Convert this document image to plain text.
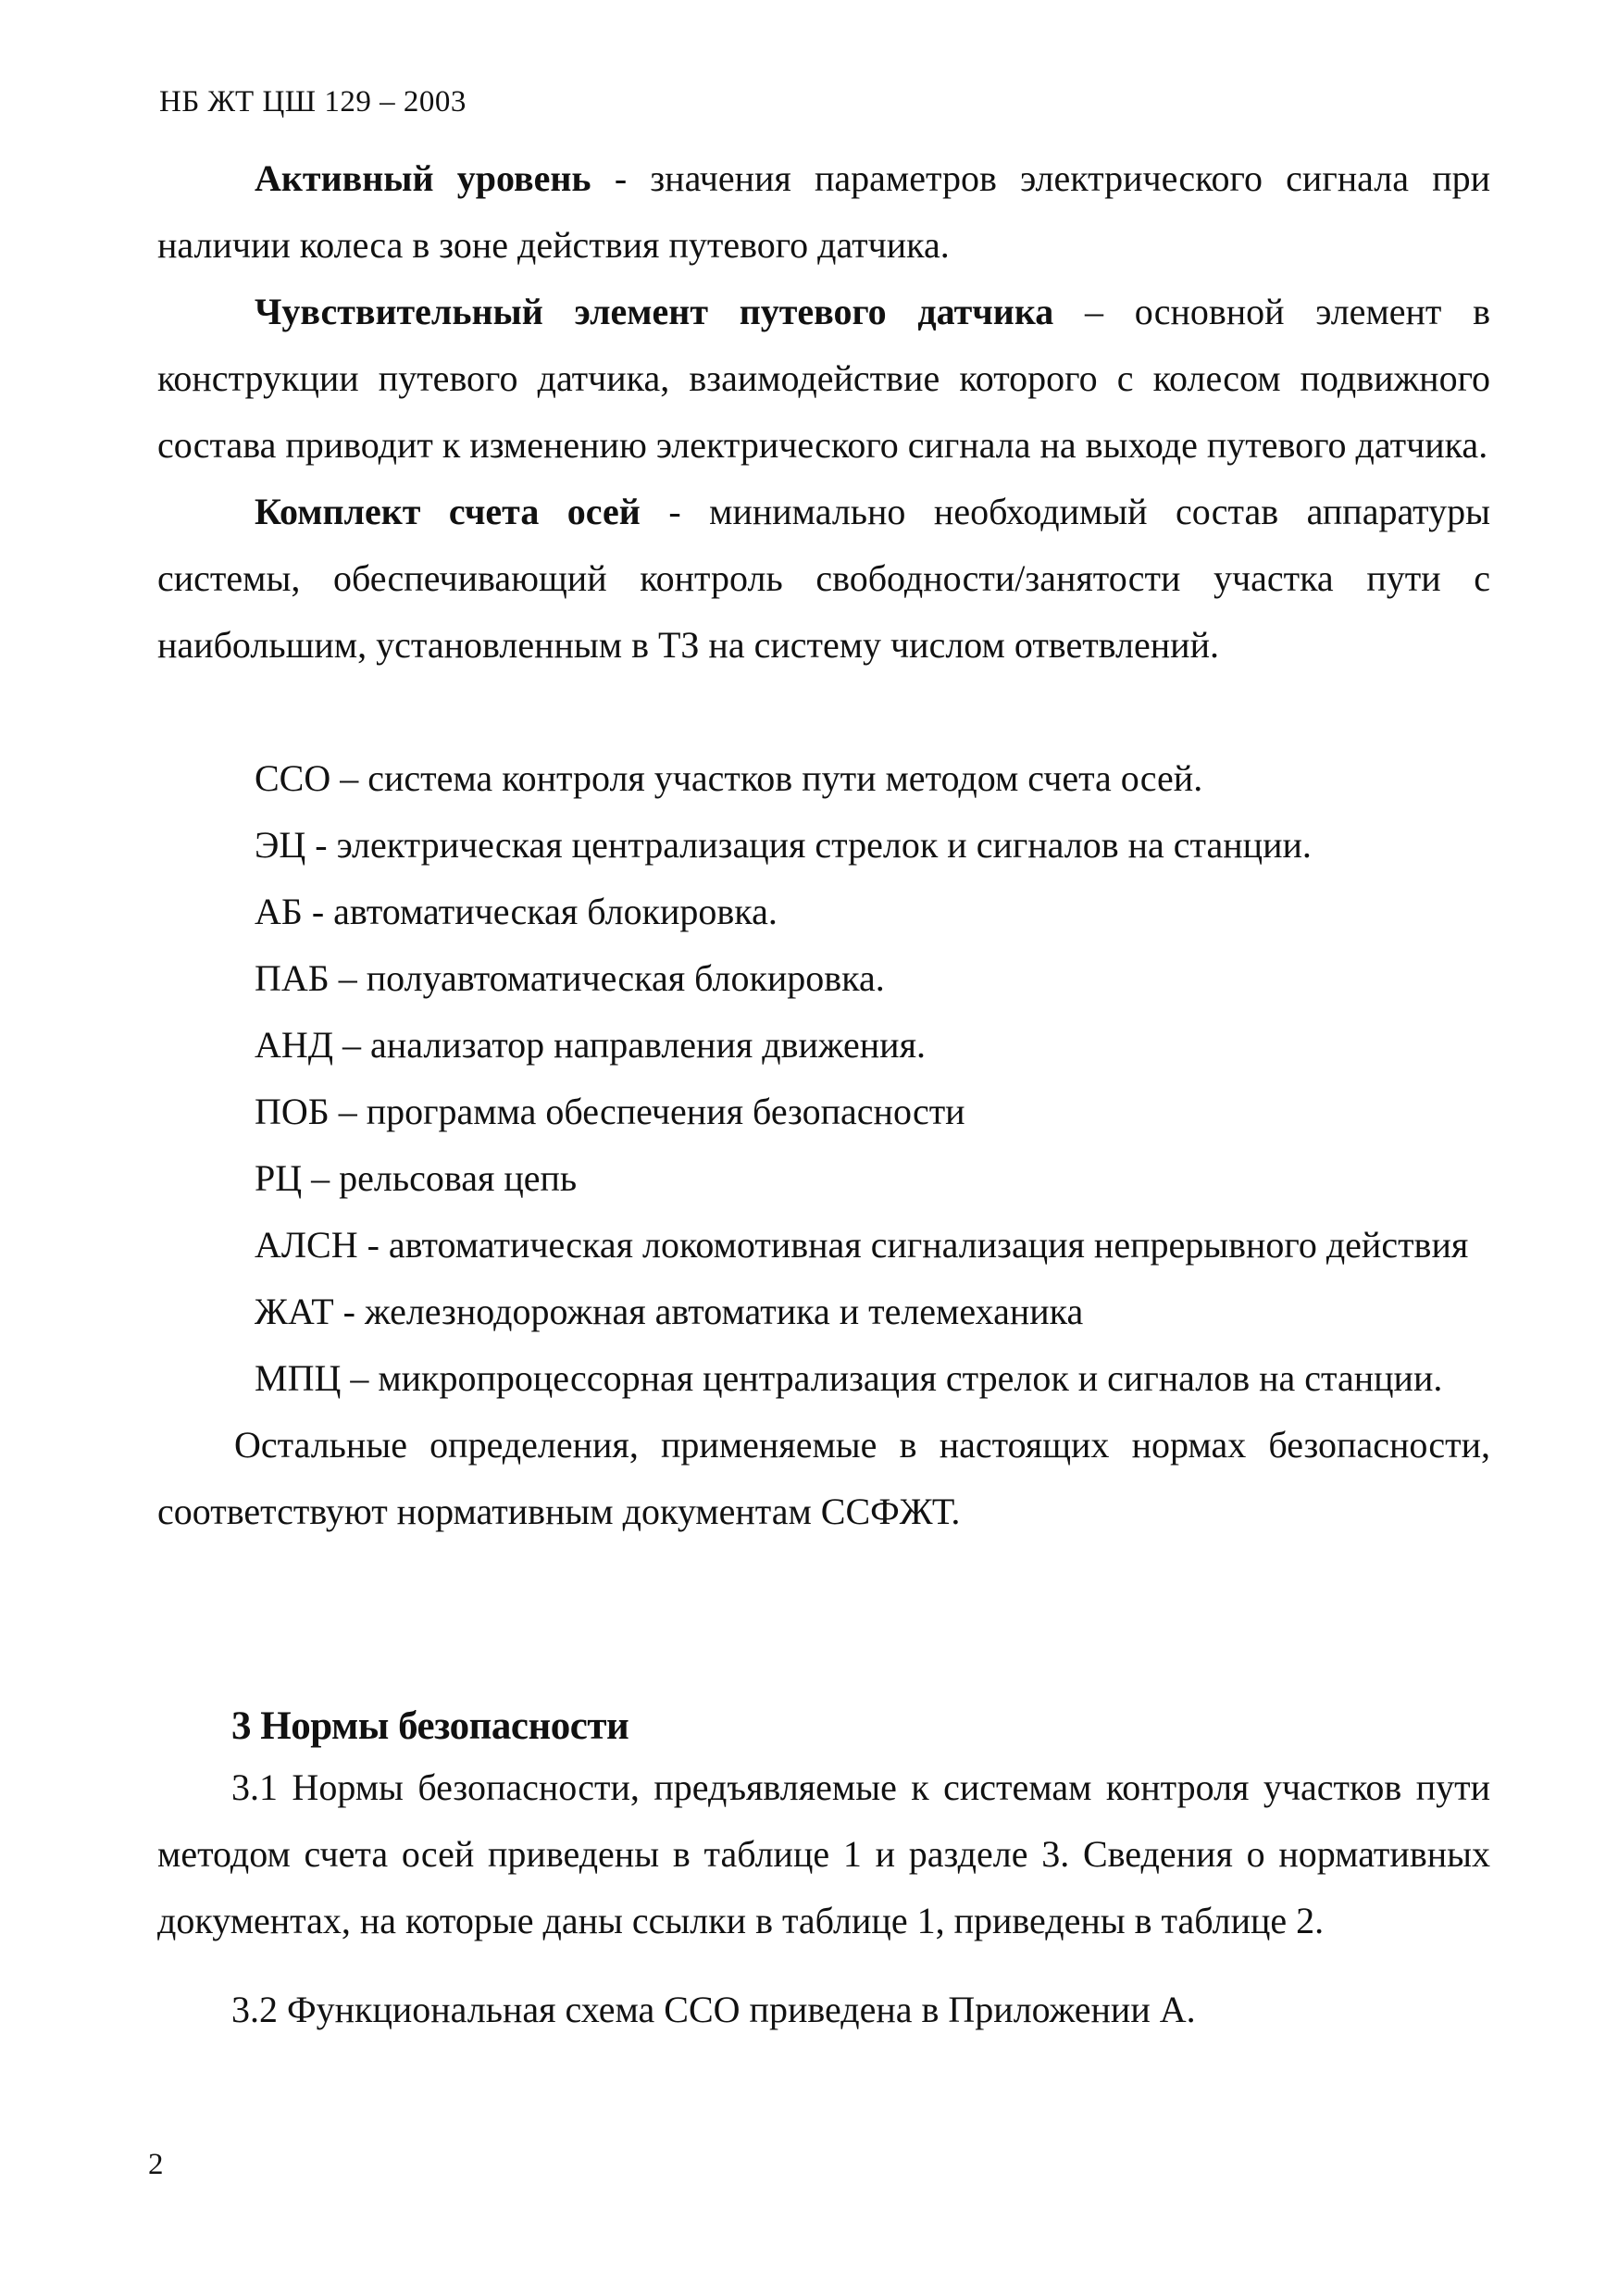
НБ ЖТ ЦШ 129 – 2003

Активный уровень - значения параметров электрического сигнала при наличии колеса в зоне действия путевого датчика.

Чувствительный элемент путевого датчика – основной элемент в конструкции путевого датчика, взаимодействие которого с колесом подвижного состава приводит к изменению электрического сигнала на выходе путевого датчика.

Комплект счета осей - минимально необходимый состав аппаратуры системы, обеспечивающий контроль свободности/занятости участка пути с наибольшим, установленным в ТЗ на систему числом ответвлений.

ССО – система контроля участков пути методом счета осей.

ЭЦ - электрическая централизация стрелок и сигналов на станции.

АБ - автоматическая блокировка.

ПАБ – полуавтоматическая блокировка.

АНД – анализатор направления движения.

ПОБ – программа обеспечения безопасности

РЦ – рельсовая цепь

АЛСН - автоматическая локомотивная сигнализация непрерывного действия

ЖАТ - железнодорожная автоматика и телемеханика

МПЦ – микропроцессорная централизация стрелок и сигналов на станции.

Остальные определения, применяемые в настоящих нормах безопасности, соответствуют нормативным документам ССФЖТ.

3 Нормы безопасности

3.1 Нормы безопасности, предъявляемые к системам контроля участков пути методом счета осей приведены в таблице 1 и разделе 3. Сведения о нормативных документах, на которые даны ссылки в таблице 1, приведены в таблице 2.

3.2 Функциональная схема ССО приведена в Приложении А.

2
